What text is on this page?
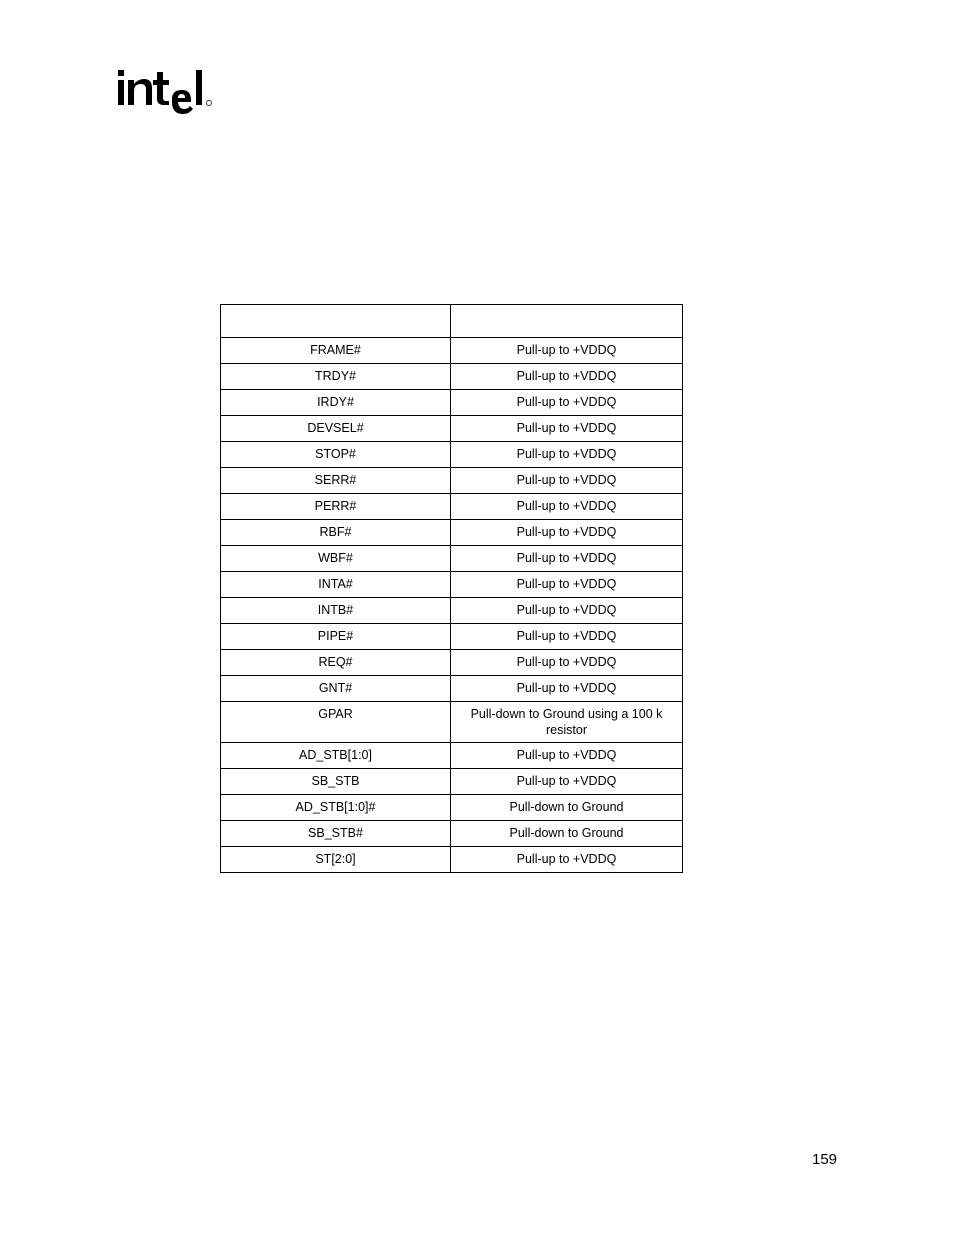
FRAME#	Pull-up to +VDDQ
TRDY#	Pull-up to +VDDQ
IRDY#	Pull-up to +VDDQ
DEVSEL#	Pull-up to +VDDQ
STOP#	Pull-up to +VDDQ
SERR#	Pull-up to +VDDQ
PERR#	Pull-up to +VDDQ
RBF#	Pull-up to +VDDQ
WBF#	Pull-up to +VDDQ
INTA#	Pull-up to +VDDQ
INTB#	Pull-up to +VDDQ
PIPE#	Pull-up to +VDDQ
REQ#	Pull-up to +VDDQ
GNT#	Pull-up to +VDDQ
GPAR	Pull-down to Ground using a 100 k resistor
AD_STB[1:0]	Pull-up to +VDDQ
SB_STB	Pull-up to +VDDQ
AD_STB[1:0]#	Pull-down to Ground
SB_STB#	Pull-down to Ground
ST[2:0]	Pull-up to +VDDQ
159
